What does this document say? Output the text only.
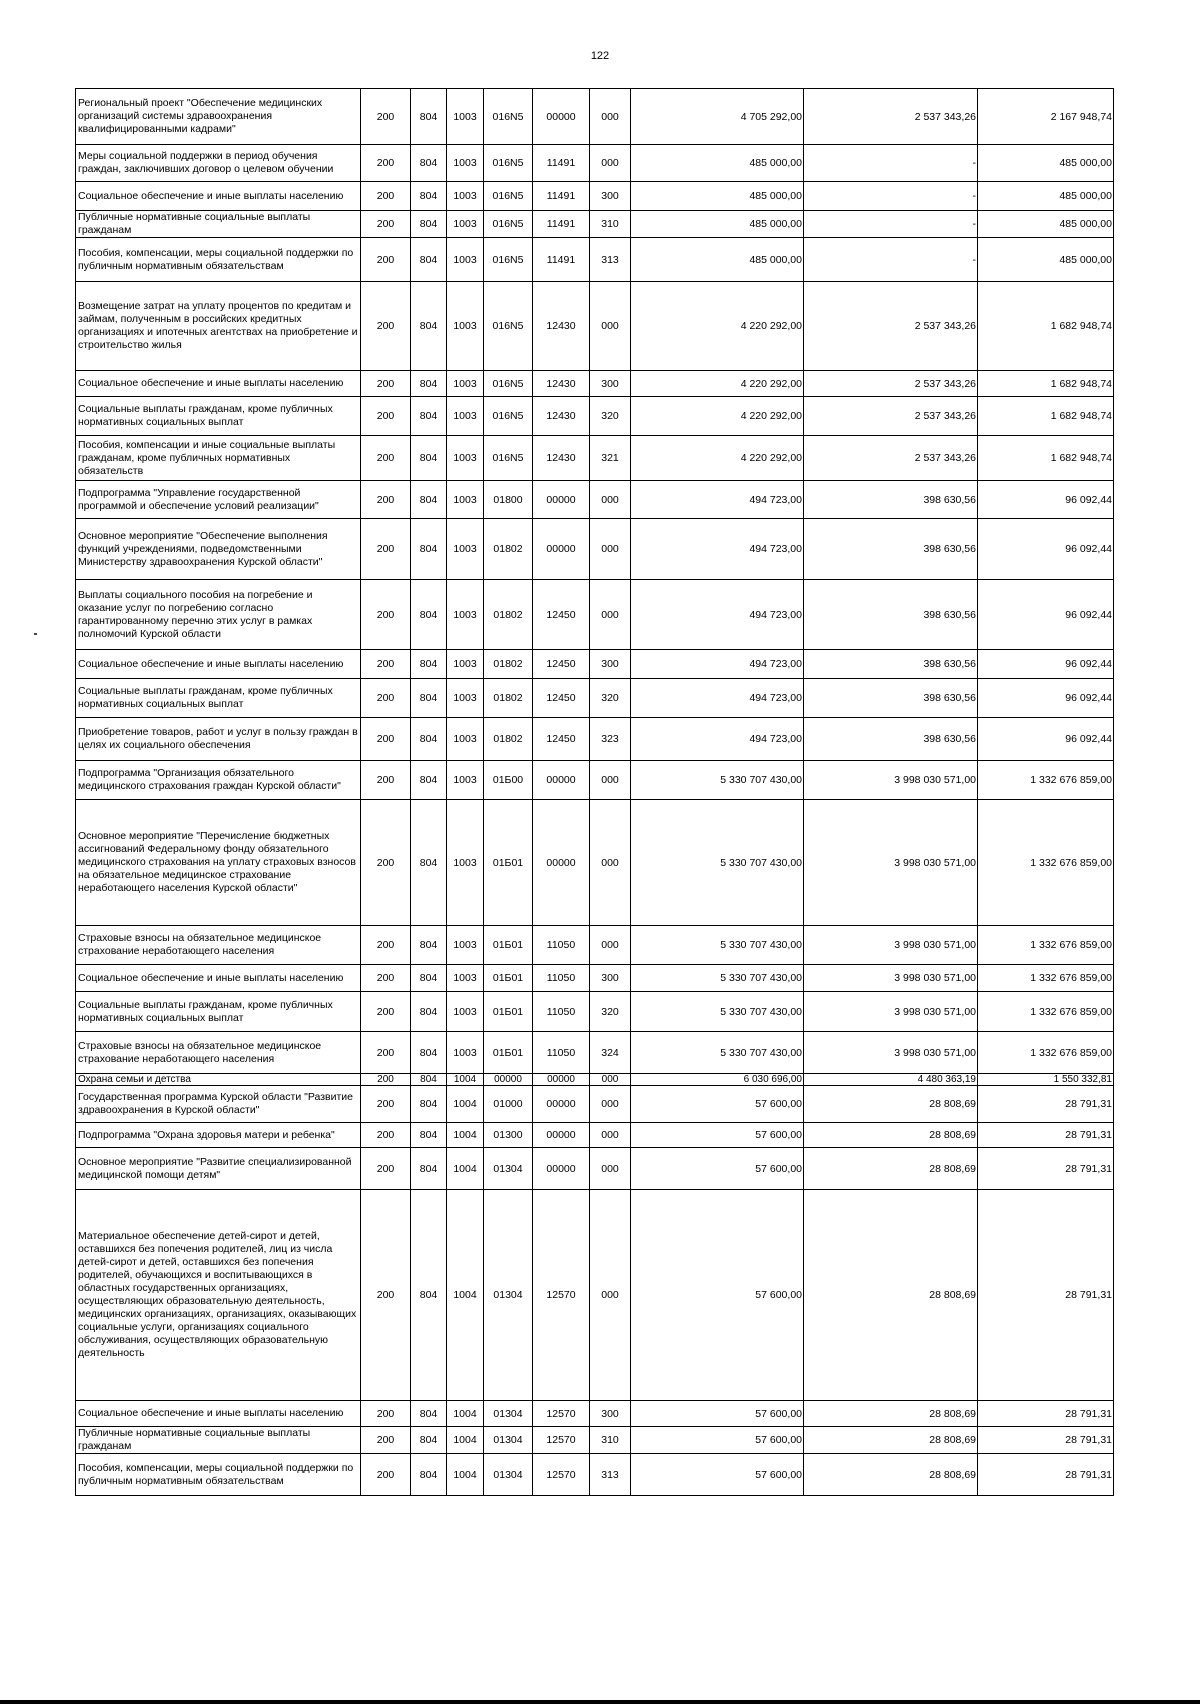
122
Региональный проект "Обеспечение медицинских организаций системы здравоохранения квалифицированными кадрами"	200	804	1003	016N5	00000	000	4 705 292,00	2 537 343,26	2 167 948,74
Меры социальной поддержки в период обучения граждан, заключивших договор о целевом обучении	200	804	1003	016N5	11491	000	485 000,00	-	485 000,00
Социальное обеспечение и иные выплаты населению	200	804	1003	016N5	11491	300	485 000,00	-	485 000,00
Публичные нормативные социальные выплаты гражданам	200	804	1003	016N5	11491	310	485 000,00	-	485 000,00
Пособия, компенсации, меры социальной поддержки по публичным нормативным обязательствам	200	804	1003	016N5	11491	313	485 000,00	-	485 000,00
Возмещение затрат на уплату процентов по кредитам и займам, полученным в российских кредитных организациях и ипотечных агентствах на приобретение и строительство жилья	200	804	1003	016N5	12430	000	4 220 292,00	2 537 343,26	1 682 948,74
Социальное обеспечение и иные выплаты населению	200	804	1003	016N5	12430	300	4 220 292,00	2 537 343,26	1 682 948,74
Социальные выплаты гражданам, кроме публичных нормативных социальных выплат	200	804	1003	016N5	12430	320	4 220 292,00	2 537 343,26	1 682 948,74
Пособия, компенсации и иные социальные выплаты гражданам, кроме публичных нормативных обязательств	200	804	1003	016N5	12430	321	4 220 292,00	2 537 343,26	1 682 948,74
Подпрограмма "Управление государственной программой и обеспечение условий реализации"	200	804	1003	01800	00000	000	494 723,00	398 630,56	96 092,44
Основное мероприятие "Обеспечение выполнения функций учреждениями, подведомственными Министерству здравоохранения Курской области"	200	804	1003	01802	00000	000	494 723,00	398 630,56	96 092,44
Выплаты социального пособия на погребение и оказание услуг по погребению согласно гарантированному перечню этих услуг в рамках полномочий Курской области	200	804	1003	01802	12450	000	494 723,00	398 630,56	96 092,44
Социальное обеспечение и иные выплаты населению	200	804	1003	01802	12450	300	494 723,00	398 630,56	96 092,44
Социальные выплаты гражданам, кроме публичных нормативных социальных выплат	200	804	1003	01802	12450	320	494 723,00	398 630,56	96 092,44
Приобретение товаров, работ и услуг в пользу граждан в целях их социального обеспечения	200	804	1003	01802	12450	323	494 723,00	398 630,56	96 092,44
Подпрограмма "Организация обязательного медицинского страхования граждан Курской области"	200	804	1003	01Б00	00000	000	5 330 707 430,00	3 998 030 571,00	1 332 676 859,00
Основное мероприятие "Перечисление бюджетных ассигнований Федеральному фонду обязательного медицинского страхования на уплату страховых взносов на обязательное медицинское страхование неработающего населения Курской области"	200	804	1003	01Б01	00000	000	5 330 707 430,00	3 998 030 571,00	1 332 676 859,00
Страховые взносы на обязательное медицинское страхование неработающего населения	200	804	1003	01Б01	11050	000	5 330 707 430,00	3 998 030 571,00	1 332 676 859,00
Социальное обеспечение и иные выплаты населению	200	804	1003	01Б01	11050	300	5 330 707 430,00	3 998 030 571,00	1 332 676 859,00
Социальные выплаты гражданам, кроме публичных нормативных социальных выплат	200	804	1003	01Б01	11050	320	5 330 707 430,00	3 998 030 571,00	1 332 676 859,00
Страховые взносы на обязательное медицинское страхование неработающего населения	200	804	1003	01Б01	11050	324	5 330 707 430,00	3 998 030 571,00	1 332 676 859,00
Охрана семьи и детства	200	804	1004	00000	00000	000	6 030 696,00	4 480 363,19	1 550 332,81
Государственная программа Курской области "Развитие здравоохранения в Курской области"	200	804	1004	01000	00000	000	57 600,00	28 808,69	28 791,31
Подпрограмма "Охрана здоровья матери и ребенка"	200	804	1004	01300	00000	000	57 600,00	28 808,69	28 791,31
Основное мероприятие "Развитие специализированной медицинской помощи детям"	200	804	1004	01304	00000	000	57 600,00	28 808,69	28 791,31
Материальное обеспечение детей-сирот и детей, оставшихся без попечения родителей, лиц из числа детей-сирот и детей, оставшихся без попечения родителей, обучающихся и воспитывающихся в областных государственных организациях, осуществляющих образовательную деятельность, медицинских организациях, организациях, оказывающих социальные услуги, организациях социального обслуживания, осуществляющих образовательную деятельность	200	804	1004	01304	12570	000	57 600,00	28 808,69	28 791,31
Социальное обеспечение и иные выплаты населению	200	804	1004	01304	12570	300	57 600,00	28 808,69	28 791,31
Публичные нормативные социальные выплаты гражданам	200	804	1004	01304	12570	310	57 600,00	28 808,69	28 791,31
Пособия, компенсации, меры социальной поддержки по публичным нормативным обязательствам	200	804	1004	01304	12570	313	57 600,00	28 808,69	28 791,31
